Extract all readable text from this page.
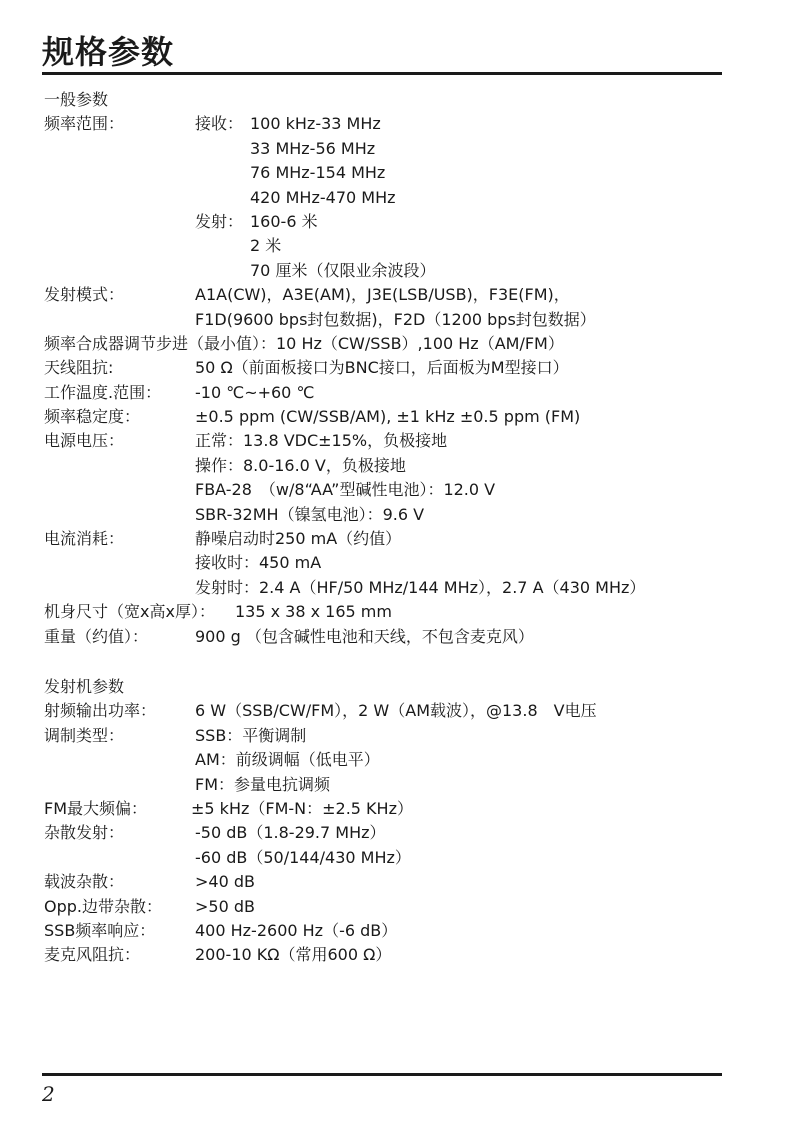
规格参数
一般参数
频率范围：	接收： 100 kHz-33 MHz
33 MHz-56 MHz
76 MHz-154 MHz
420 MHz-470 MHz
发射： 160-6 米
2 米
70 厘米（仅限业余波段）
发射模式：	A1A(CW)，A3E(AM)，J3E(LSB/USB)，F3E(FM)，
F1D(9600 bps封包数据)，F2D（1200 bps封包数据）
频率合成器调节步进（最小值）：10 Hz（CW/SSB）,100 Hz（AM/FM）
天线阻抗:	50 Ω（前面板接口为BNC接口，后面板为M型接口）
工作温度.范围： -10 ℃~+60 ℃
频率稳定度：	±0.5 ppm (CW/SSB/AM), ±1 kHz ±0.5 ppm (FM)
电源电压：	正常：13.8 VDC±15%，负极接地
操作：8.0-16.0 V，负极接地
FBA-28　（w/8“AA”型碱性电池）：12.0 V
SBR-32MH（镍氢电池）：9.6 V
电流消耗：	静噪启动时250 mA（约值）
接收时：450 mA
发射时：2.4 A（HF/50 MHz/144 MHz），2.7 A（430 MHz）
机身尺寸（宽x高x厚）： 135 x 38 x 165 mm
重量（约值）：	900 g （包含碱性电池和天线，不包含麦克风）
发射机参数
射频输出功率： 6 W（SSB/CW/FM），2 W（AM载波），@13.8　V电压
调制类型：	SSB：平衡调制
AM：前级调幅（低电平）
FM：参量电抗调频
FM最大频偏：	±5 kHz（FM-N：±2.5 KHz）
杂散发射：	-50 dB（1.8-29.7 MHz）
-60 dB（50/144/430 MHz）
载波杂散：	>40 dB
Opp.边带杂散： >50 dB
SSB频率响应： 400 Hz-2600 Hz（-6 dB）
麦克风阻抗：	200-10 KΩ（常用600 Ω）
2
